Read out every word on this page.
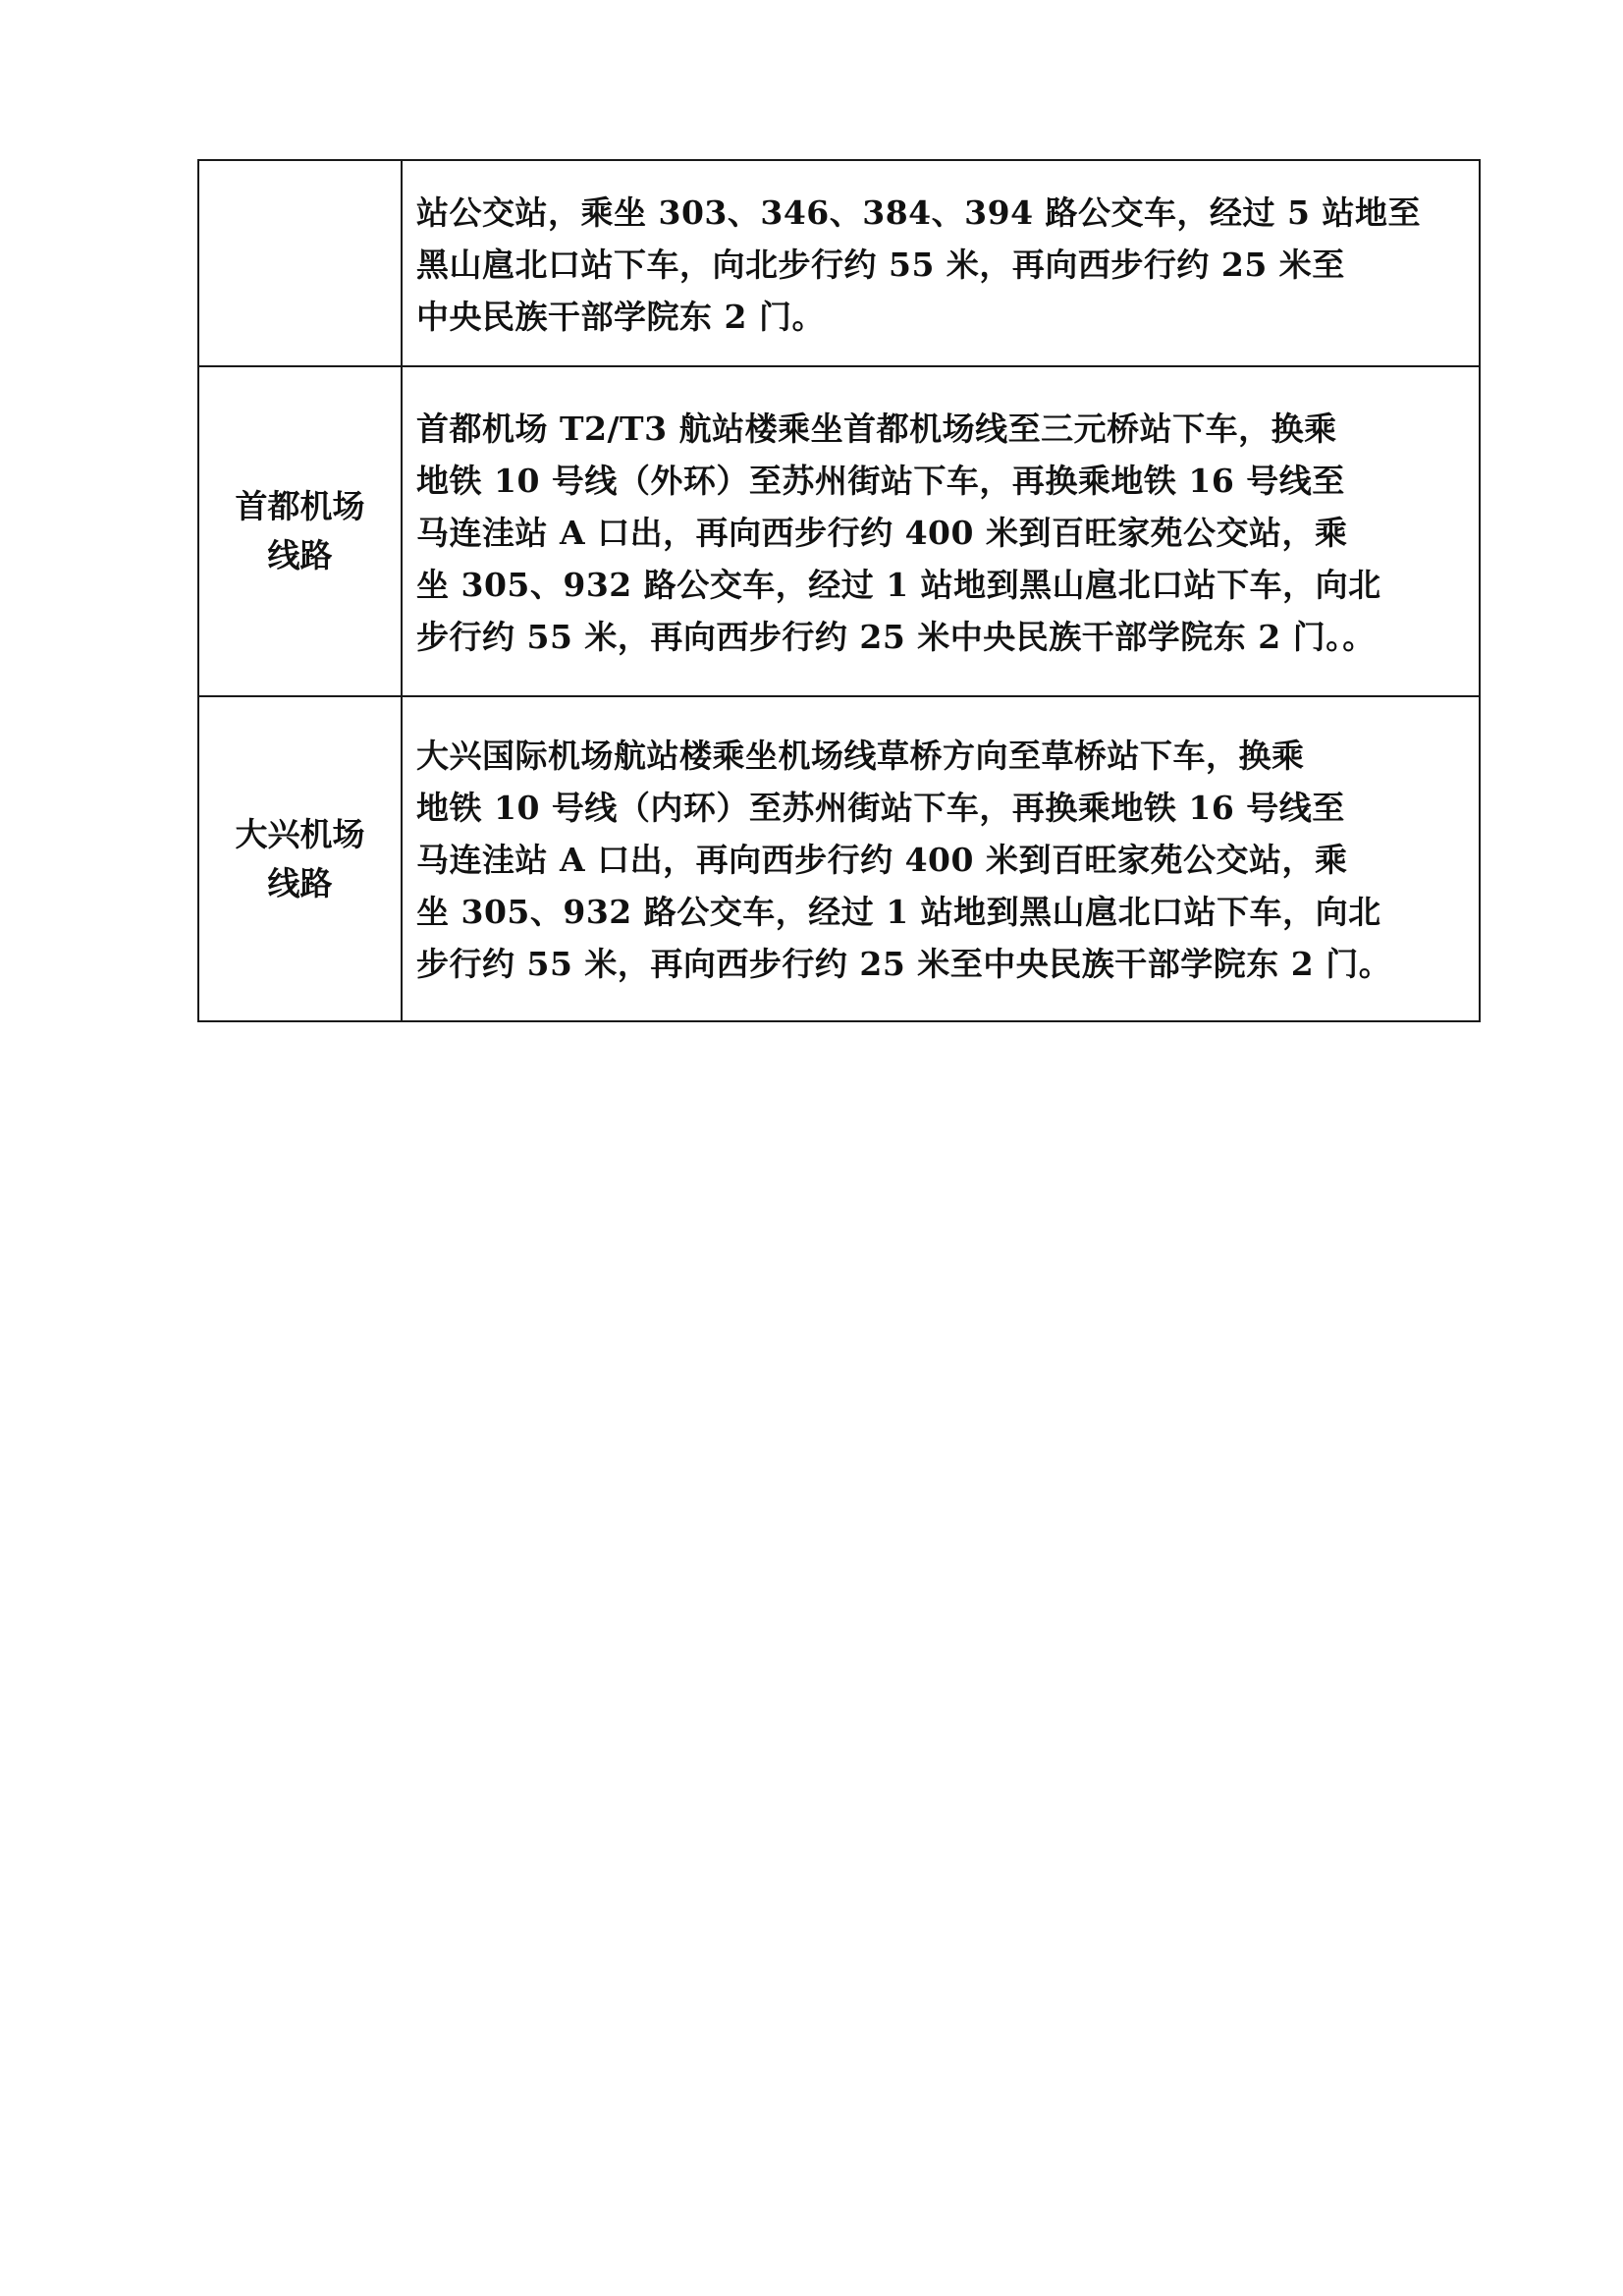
	站公交站，乘坐 303、346、384、394 路公交车，经过 5 站地至
黑山扈北口站下车，向北步行约 55 米，再向西步行约 25 米至
中央民族干部学院东 2 门。

首都机场
线路	首都机场 T2/T3 航站楼乘坐首都机场线至三元桥站下车，换乘
地铁 10 号线（外环）至苏州街站下车，再换乘地铁 16 号线至
马连洼站 A 口出，再向西步行约 400 米到百旺家苑公交站，乘
坐 305、932 路公交车，经过 1 站地到黑山扈北口站下车，向北
步行约 55 米，再向西步行约 25 米中央民族干部学院东 2 门。。

大兴机场
线路	大兴国际机场航站楼乘坐机场线草桥方向至草桥站下车，换乘
地铁 10 号线（内环）至苏州街站下车，再换乘地铁 16 号线至
马连洼站 A 口出，再向西步行约 400 米到百旺家苑公交站，乘
坐 305、932 路公交车，经过 1 站地到黑山扈北口站下车，向北
步行约 55 米，再向西步行约 25 米至中央民族干部学院东 2 门。
